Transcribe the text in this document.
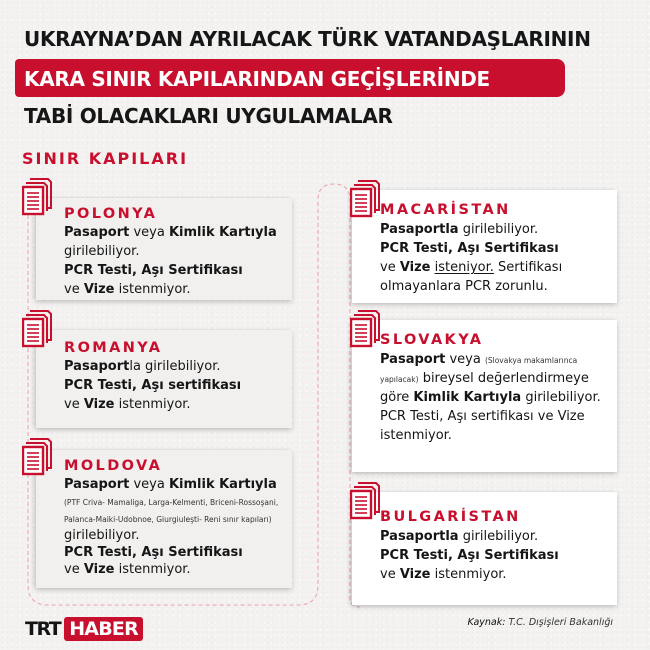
UKRAYNA’DAN AYRILACAK TÜRK VATANDAŞLARININ
KARA SINIR KAPILARINDAN GEÇİŞLERİNDE
TABİ OLACAKLARI UYGULAMALAR
SINIR KAPILARI
POLONYA
Pasaport veya Kimlik Kartıyla girilebiliyor.
PCR Testi, Aşı Sertifikası
ve Vize istenmiyor.
ROMANYA
Pasaportla girilebiliyor.
PCR Testi, Aşı sertifikası
ve Vize istenmiyor.
MOLDOVA
Pasaport veya Kimlik Kartıyla (PTF Criva- Mamaliga, Larga-Kelmenti, Briceni-Rossoşani, Palanca-Maiki-Udobnoe, Giurgiuleşti- Reni sınır kapıları) girilebiliyor.
PCR Testi, Aşı Sertifikası
ve Vize istenmiyor.
MACARİSTAN
Pasaportla girilebiliyor.
PCR Testi, Aşı Sertifikası
ve Vize isteniyor. Sertifikası olmayanlara PCR zorunlu.
SLOVAKYA
Pasaport veya (Slovakya makamlarınca yapılacak) bireysel değerlendirmeye göre Kimlik Kartıyla girilebiliyor.
PCR Testi, Aşı sertifikası ve Vize istenmiyor.
BULGARİSTAN
Pasaportla girilebiliyor.
PCR Testi, Aşı Sertifikası
ve Vize istenmiyor.
TRT HABER	Kaynak: T.C. Dışişleri Bakanlığı
